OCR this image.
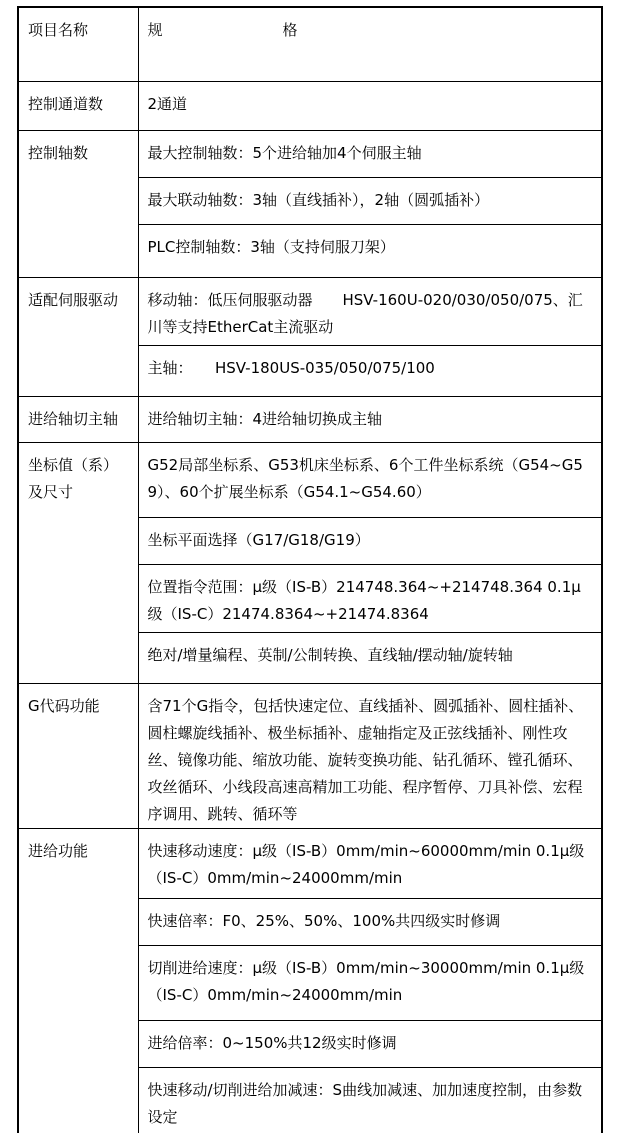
项目名称	规　　　　　　　　格
控制通道数	2通道
控制轴数	最大控制轴数：5个进给轴加4个伺服主轴
	最大联动轴数：3轴（直线插补），2轴（圆弧插补）
	PLC控制轴数：3轴（支持伺服刀架）
适配伺服驱动	移动轴：低压伺服驱动器　　HSV-160U-020/030/050/075、汇川等支持EtherCat主流驱动
	主轴：　　HSV-180US-035/050/075/100
进给轴切主轴	进给轴切主轴：4进给轴切换成主轴
坐标值（系）及尺寸	G52局部坐标系、G53机床坐标系、6个工件坐标系统（G54~G59）、60个扩展坐标系（G54.1~G54.60）
	坐标平面选择（G17/G18/G19）
	位置指令范围：μ级（IS-B）214748.364~+214748.364 0.1μ级（IS-C）21474.8364~+21474.8364
	绝对/增量编程、英制/公制转换、直线轴/摆动轴/旋转轴
G代码功能	含71个G指令，包括快速定位、直线插补、圆弧插补、圆柱插补、圆柱螺旋线插补、极坐标插补、虚轴指定及正弦线插补、刚性攻丝、镜像功能、缩放功能、旋转变换功能、钻孔循环、镗孔循环、攻丝循环、小线段高速高精加工功能、程序暂停、刀具补偿、宏程序调用、跳转、循环等
进给功能	快速移动速度：μ级（IS-B）0mm/min~60000mm/min 0.1μ级（IS-C）0mm/min~24000mm/min
	快速倍率：F0、25%、50%、100%共四级实时修调
	切削进给速度：μ级（IS-B）0mm/min~30000mm/min 0.1μ级（IS-C）0mm/min~24000mm/min
	进给倍率：0~150%共12级实时修调
	快速移动/切削进给加减速：S曲线加减速、加加速度控制，由参数设定
